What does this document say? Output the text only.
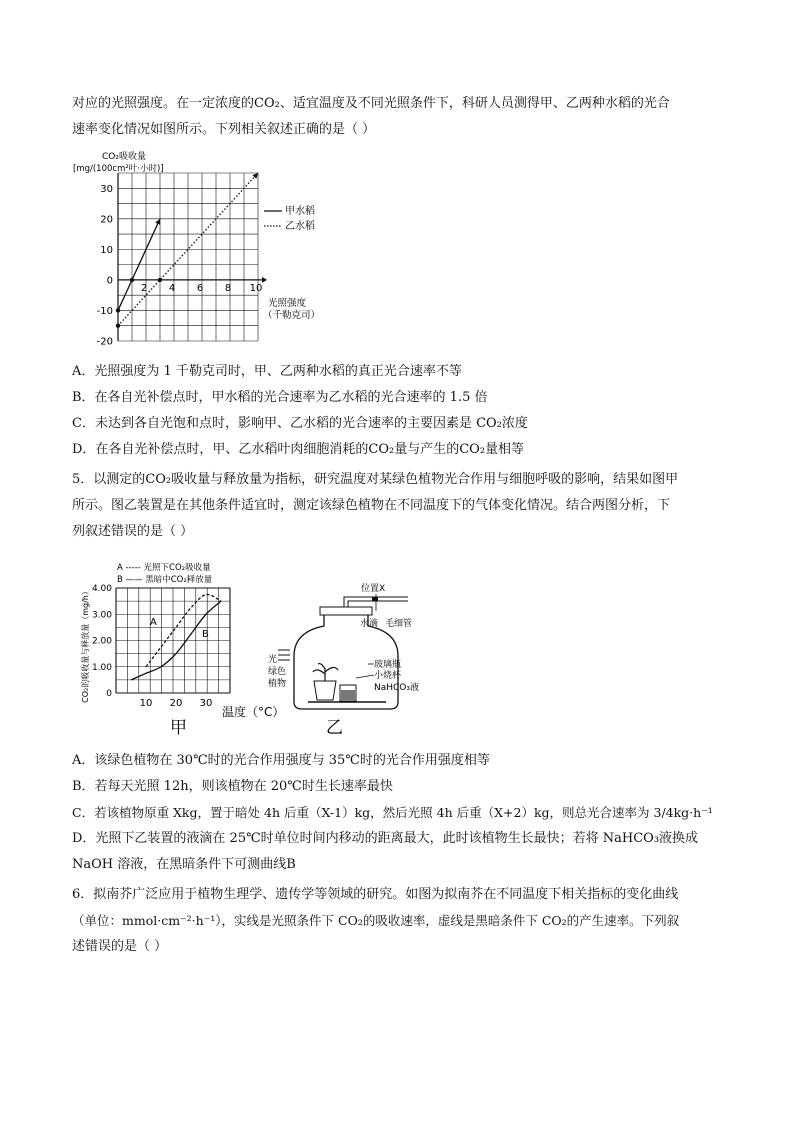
对应的光照强度。在一定浓度的CO₂、适宜温度及不同光照条件下，科研人员测得甲、乙两种水稻的光合
速率变化情况如图所示。下列相关叙述正确的是（ ）
CO₂吸收量
[mg/(100cm²叶·小时)]
30
20
10
0
-10
-20
2 4 6 8 10
甲水稻
乙水稻
光照强度
（千勒克司）
A．光照强度为 1 千勒克司时，甲、乙两种水稻的真正光合速率不等
B．在各自光补偿点时，甲水稻的光合速率为乙水稻的光合速率的 1.5 倍
C．未达到各自光饱和点时，影响甲、乙水稻的光合速率的主要因素是 CO₂浓度
D．在各自光补偿点时，甲、乙水稻叶肉细胞消耗的CO₂量与产生的CO₂量相等
5．以测定的CO₂吸收量与释放量为指标，研究温度对某绿色植物光合作用与细胞呼吸的影响，结果如图甲
所示。图乙装置是在其他条件适宜时，测定该绿色植物在不同温度下的气体变化情况。结合两图分析，下
列叙述错误的是（ ）
CO₂的吸收量与释放量（mg/h） 4.00
3.00
2.00
1.00
0
10 20 30
A ----- 光照下CO₂吸收量
B —— 黑暗中CO₂释放量
A
B
温度（°C）
甲
位置X
水滴 毛细管
光
绿色
植物
玻璃瓶
小烧杯
NaHCO₃液
乙
A．该绿色植物在 30℃时的光合作用强度与 35℃时的光合作用强度相等
B．若每天光照 12h，则该植物在 20℃时生长速率最快
C．若该植物原重 Xkg，置于暗处 4h 后重（X-1）kg，然后光照 4h 后重（X+2）kg，则总光合速率为 3/4kg·h⁻¹
D．光照下乙装置的液滴在 25℃时单位时间内移动的距离最大，此时该植物生长最快；若将 NaHCO₃液换成
NaOH 溶液，在黑暗条件下可测曲线B
6．拟南芥广泛应用于植物生理学、遗传学等领域的研究。如图为拟南芥在不同温度下相关指标的变化曲线
（单位：mmol·cm⁻²·h⁻¹），实线是光照条件下 CO₂的吸收速率，虚线是黑暗条件下 CO₂的产生速率。下列叙
述错误的是（ ）
